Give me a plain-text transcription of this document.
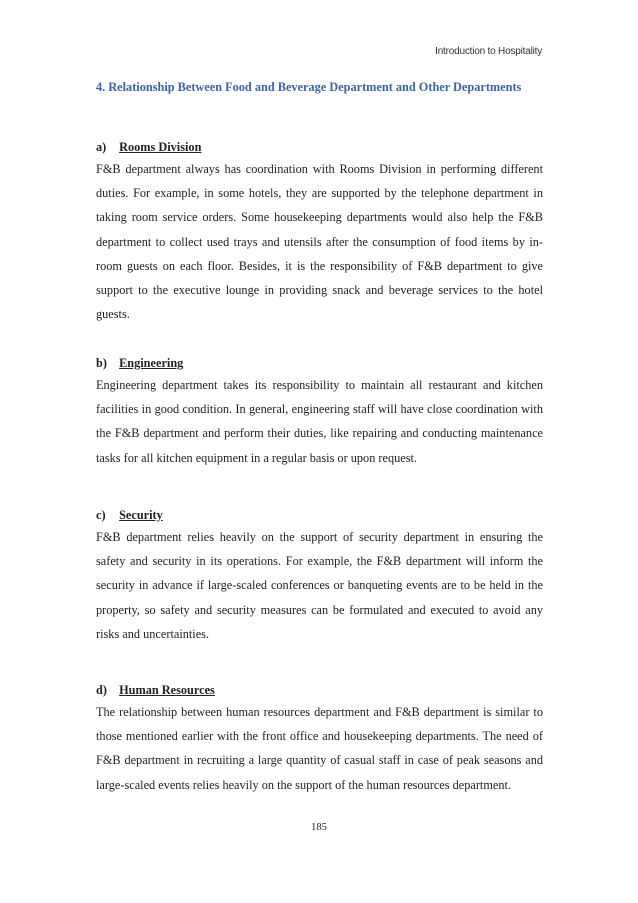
Introduction to Hospitality
4. Relationship Between Food and Beverage Department and Other Departments
a) Rooms Division

F&B department always has coordination with Rooms Division in performing different duties. For example, in some hotels, they are supported by the telephone department in taking room service orders. Some housekeeping departments would also help the F&B department to collect used trays and utensils after the consumption of food items by in-room guests on each floor. Besides, it is the responsibility of F&B department to give support to the executive lounge in providing snack and beverage services to the hotel guests.

b) Engineering

Engineering department takes its responsibility to maintain all restaurant and kitchen facilities in good condition. In general, engineering staff will have close coordination with the F&B department and perform their duties, like repairing and conducting maintenance tasks for all kitchen equipment in a regular basis or upon request.

c) Security

F&B department relies heavily on the support of security department in ensuring the safety and security in its operations. For example, the F&B department will inform the security in advance if large-scaled conferences or banqueting events are to be held in the property, so safety and security measures can be formulated and executed to avoid any risks and uncertainties.

d) Human Resources

The relationship between human resources department and F&B department is similar to those mentioned earlier with the front office and housekeeping departments. The need of F&B department in recruiting a large quantity of casual staff in case of peak seasons and large-scaled events relies heavily on the support of the human resources department.

185
